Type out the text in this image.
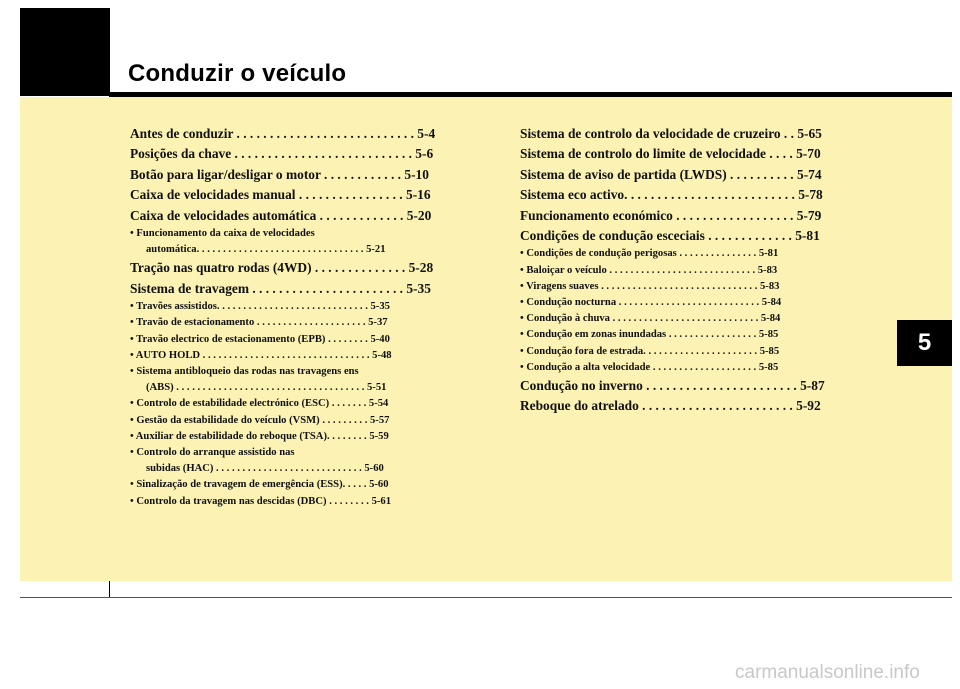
Conduzir o veículo
Antes de conduzir . . . . . . . . . . . . . . . . . . . . . . . . . . . 5-4
Posições da chave . . . . . . . . . . . . . . . . . . . . . . . . . . . 5-6
Botão para ligar/desligar o motor . . . . . . . . . . . . 5-10
Caixa de velocidades manual . . . . . . . . . . . . . . . . 5-16
Caixa de velocidades automática . . . . . . . . . . . . . 5-20
• Funcionamento da caixa de velocidades
automática. . . . . . . . . . . . . . . . . . . . . . . . . . . . . . . . 5-21
Tração nas quatro rodas (4WD) . . . . . . . . . . . . . . 5-28
Sistema de travagem . . . . . . . . . . . . . . . . . . . . . . . 5-35
• Travões assistidos. . . . . . . . . . . . . . . . . . . . . . . . . . . . . 5-35
• Travão de estacionamento . . . . . . . . . . . . . . . . . . . . . 5-37
• Travão electrico de estacionamento (EPB) . . . . . . . . 5-40
• AUTO HOLD . . . . . . . . . . . . . . . . . . . . . . . . . . . . . . . . 5-48
• Sistema antibloqueio das rodas nas travagens ens
(ABS) . . . . . . . . . . . . . . . . . . . . . . . . . . . . . . . . . . . . 5-51
• Controlo de estabilidade electrónico (ESC) . . . . . . . 5-54
• Gestão da estabilidade do veículo (VSM) . . . . . . . . . 5-57
• Auxiliar de estabilidade do reboque (TSA). . . . . . . . 5-59
• Controlo do arranque assistido nas
subidas (HAC) . . . . . . . . . . . . . . . . . . . . . . . . . . . . 5-60
• Sinalização de travagem de emergência (ESS). . . . . 5-60
• Controlo da travagem nas descidas (DBC) . . . . . . . . 5-61
Sistema de controlo da velocidade de cruzeiro . . 5-65
Sistema de controlo do limite de velocidade . . . . 5-70
Sistema de aviso de partida (LWDS) . . . . . . . . . . 5-74
Sistema eco activo. . . . . . . . . . . . . . . . . . . . . . . . . . 5-78
Funcionamento económico . . . . . . . . . . . . . . . . . . 5-79
Condições de condução esceciais . . . . . . . . . . . . . 5-81
• Condições de condução perigosas . . . . . . . . . . . . . . . 5-81
• Baloiçar o veículo . . . . . . . . . . . . . . . . . . . . . . . . . . . . 5-83
• Viragens suaves . . . . . . . . . . . . . . . . . . . . . . . . . . . . . . 5-83
• Condução nocturna . . . . . . . . . . . . . . . . . . . . . . . . . . . 5-84
• Condução à chuva . . . . . . . . . . . . . . . . . . . . . . . . . . . . 5-84
• Condução em zonas inundadas . . . . . . . . . . . . . . . . . 5-85
• Condução fora de estrada. . . . . . . . . . . . . . . . . . . . . . 5-85
• Condução a alta velocidade . . . . . . . . . . . . . . . . . . . . 5-85
Condução no inverno . . . . . . . . . . . . . . . . . . . . . . . 5-87
Reboque do atrelado . . . . . . . . . . . . . . . . . . . . . . . 5-92
5
carmanualsonline.info
